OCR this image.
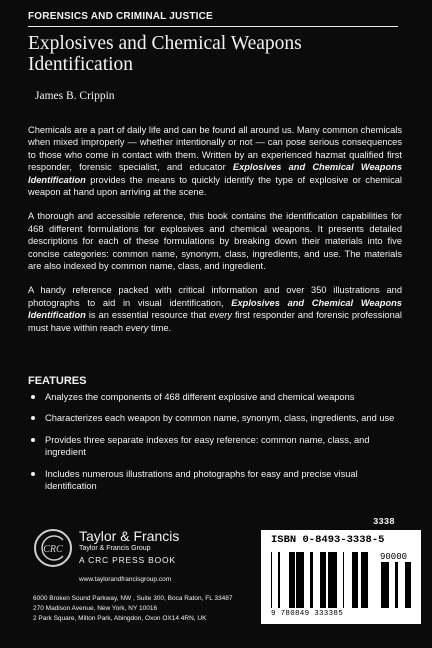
FORENSICS AND CRIMINAL JUSTICE
Explosives and Chemical Weapons Identification
James B. Crippin

Chemicals are a part of daily life and can be found all around us. Many common chemicals when mixed improperly — whether intentionally or not — can pose serious consequences to those who come in contact with them. Written by an experienced hazmat qualified first responder, forensic specialist, and educator Explosives and Chemical Weapons Identification provides the means to quickly identify the type of explosive or chemical weapon at hand upon arriving at the scene.

A thorough and accessible reference, this book contains the identification capabilities for 468 different formulations for explosives and chemical weapons. It presents detailed descriptions for each of these formulations by breaking down their materials into five concise categories: common name, synonym, class, ingredients, and use. The materials are also indexed by common name, class, and ingredient.

A handy reference packed with critical information and over 350 illustrations and photographs to aid in visual identification, Explosives and Chemical Weapons Identification is an essential resource that every first responder and forensic professional must have within reach every time.

FEATURES
Analyzes the components of 468 different explosive and chemical weapons
Characterizes each weapon by common name, synonym, class, ingredients, and use
Provides three separate indexes for easy reference: common name, class, and ingredient
Includes numerous illustrations and photographs for easy and precise visual identification
CRC
Taylor & Francis
Taylor & Francis Group
A CRC PRESS BOOK
www.taylorandfrancisgroup.com
6000 Broken Sound Parkway, NW , Suite 300, Boca Raton, FL 33487
270 Madison Avenue, New York, NY 10016
2 Park Square, Milton Park, Abingdon, Oxon OX14 4RN, UK
3338
ISBN 0-8493-3338-5
90000
9 780849 333385
